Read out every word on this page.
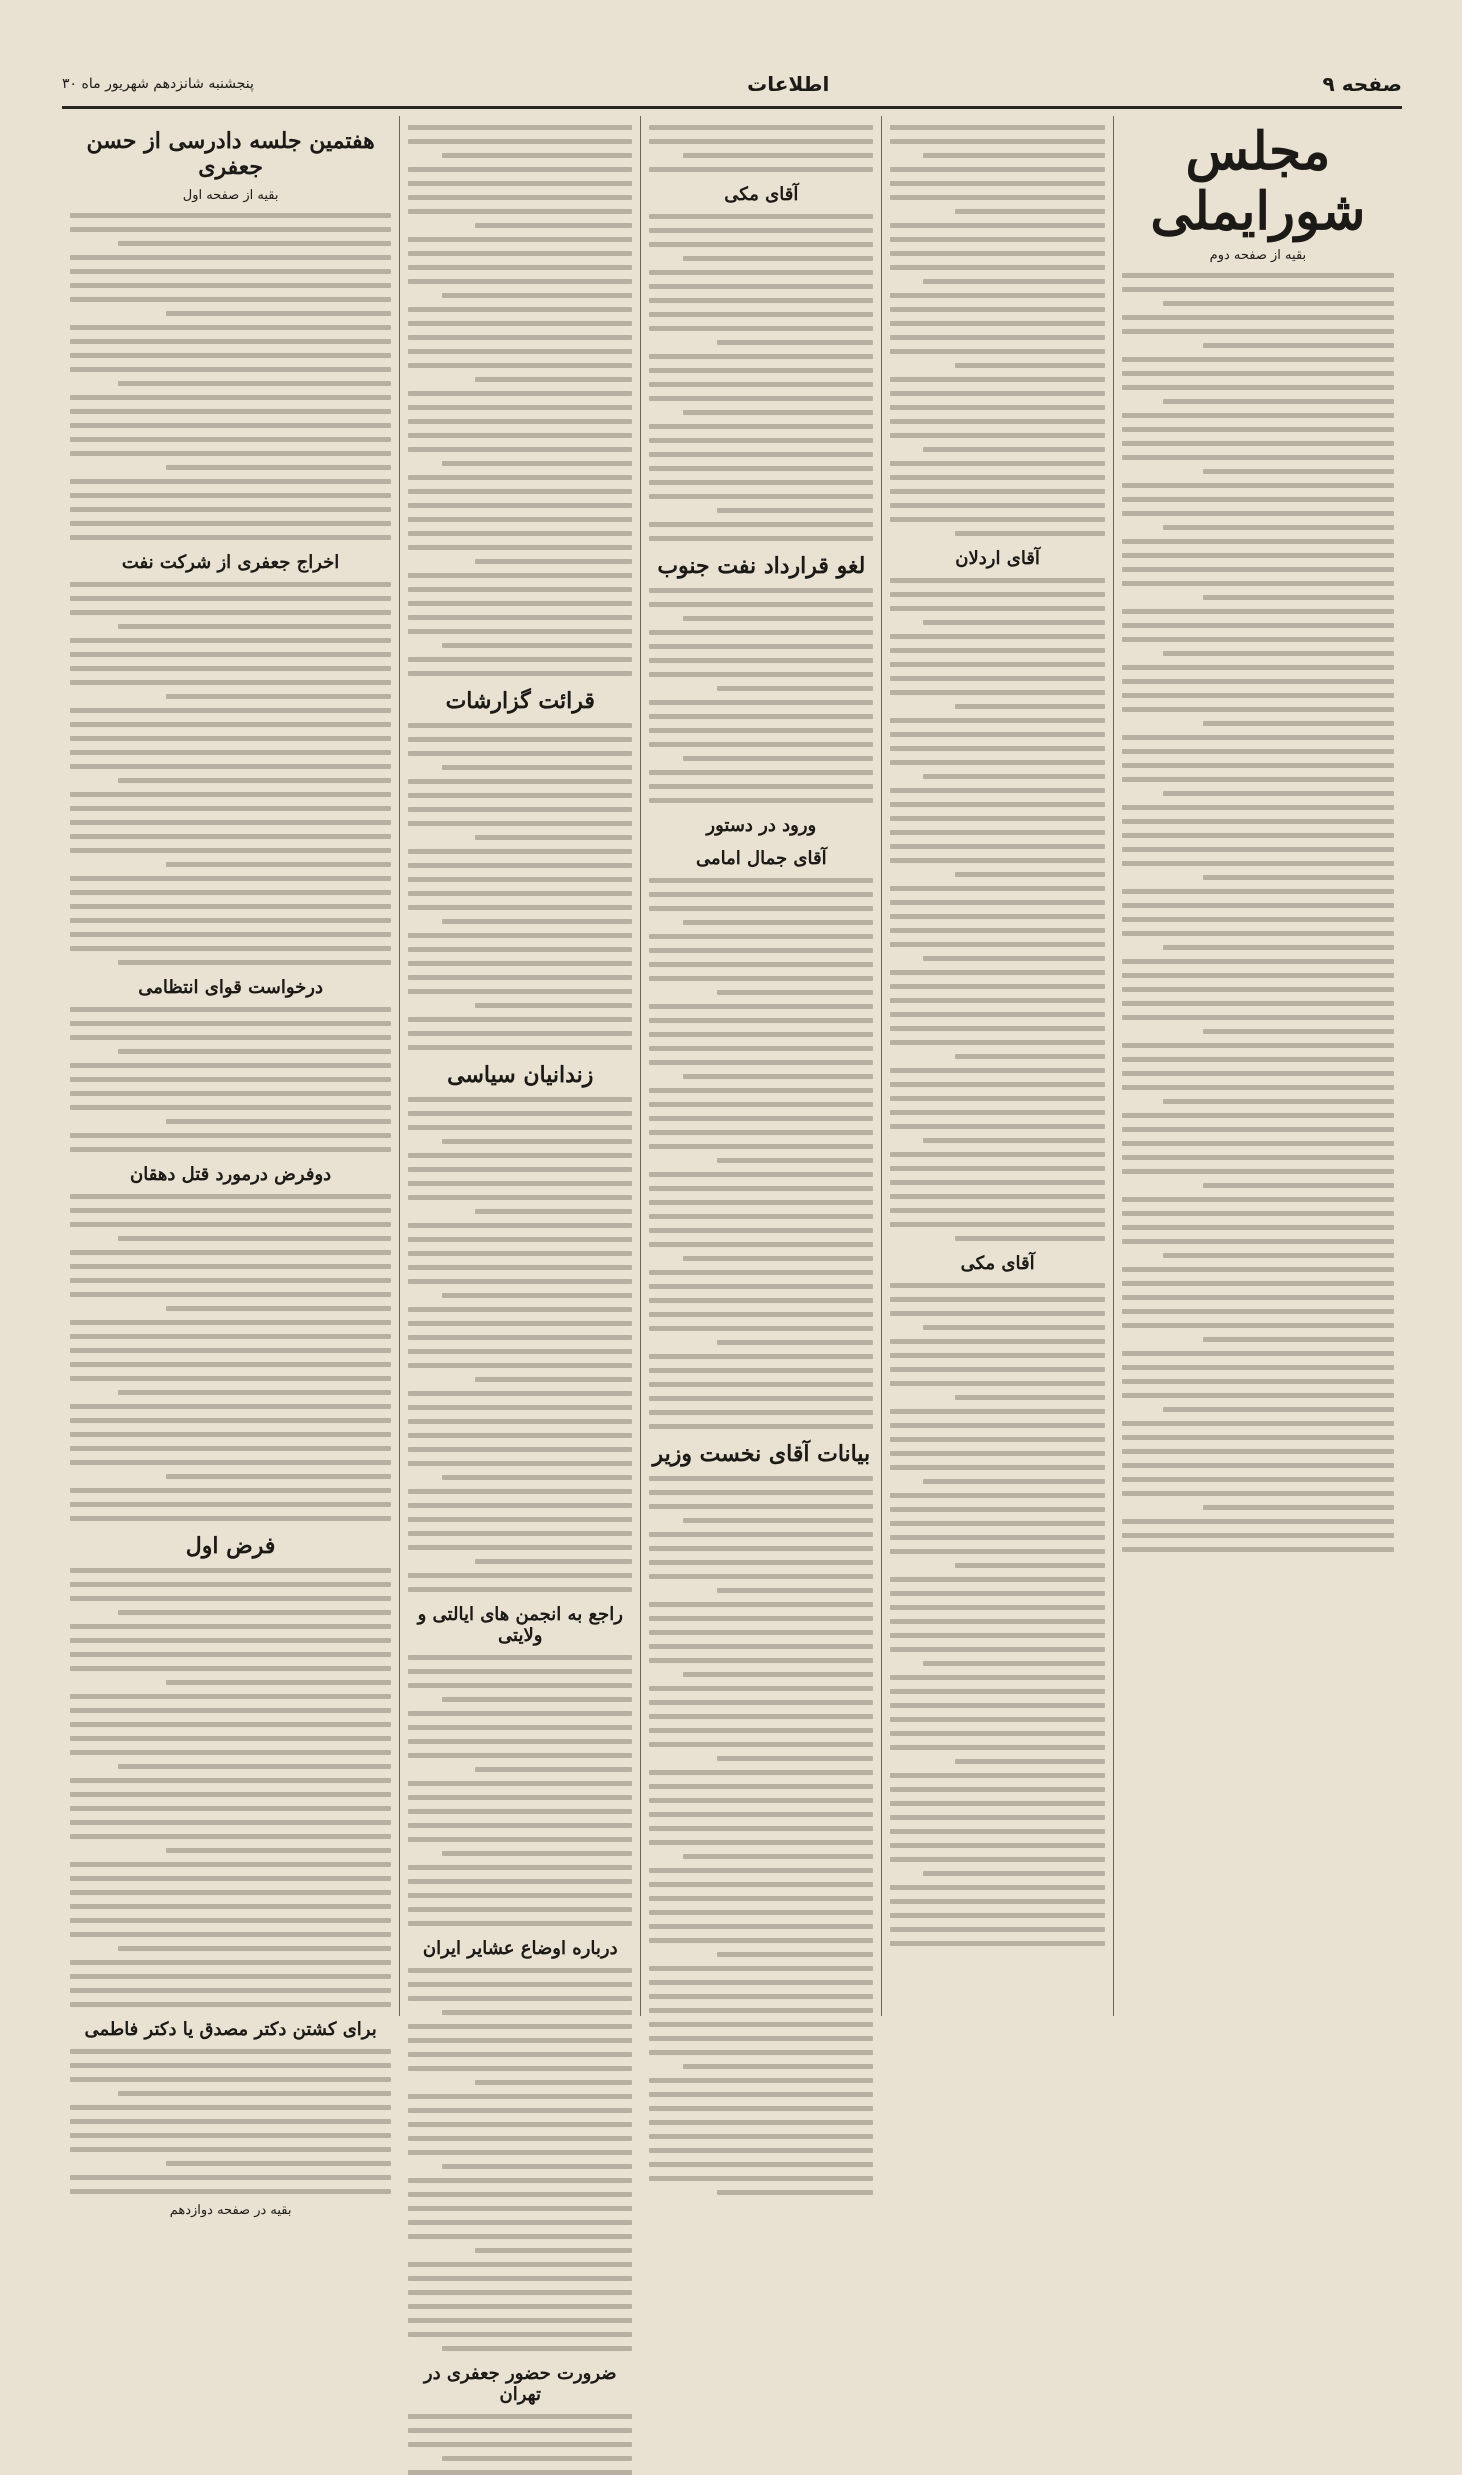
صفحه ۹
اطلاعات
پنجشنبه شانزدهم شهریور ماه ۳۰
مجلس شورایملی
بقیه از صفحه دوم
آقای اردلان
آقای مکی
آقای مکی
لغو قرارداد نفت جنوب
ورود در دستور
آقای جمال امامی
بیانات آقای نخست وزیر
قرائت گزارشات
زندانیان سیاسی
راجع به انجمن های ایالتی و ولایتی
درباره اوضاع عشایر ایران
ضرورت حضور جعفری در تهران
هفتمین جلسه دادرسی از حسن جعفری
بقیه از صفحه اول
اخراج جعفری از شرکت نفت
درخواست قوای انتظامی
دوفرض درمورد قتل دهقان
فرض اول
برای کشتن دکتر مصدق یا دکتر فاطمی
بقیه در صفحه دوازدهم
